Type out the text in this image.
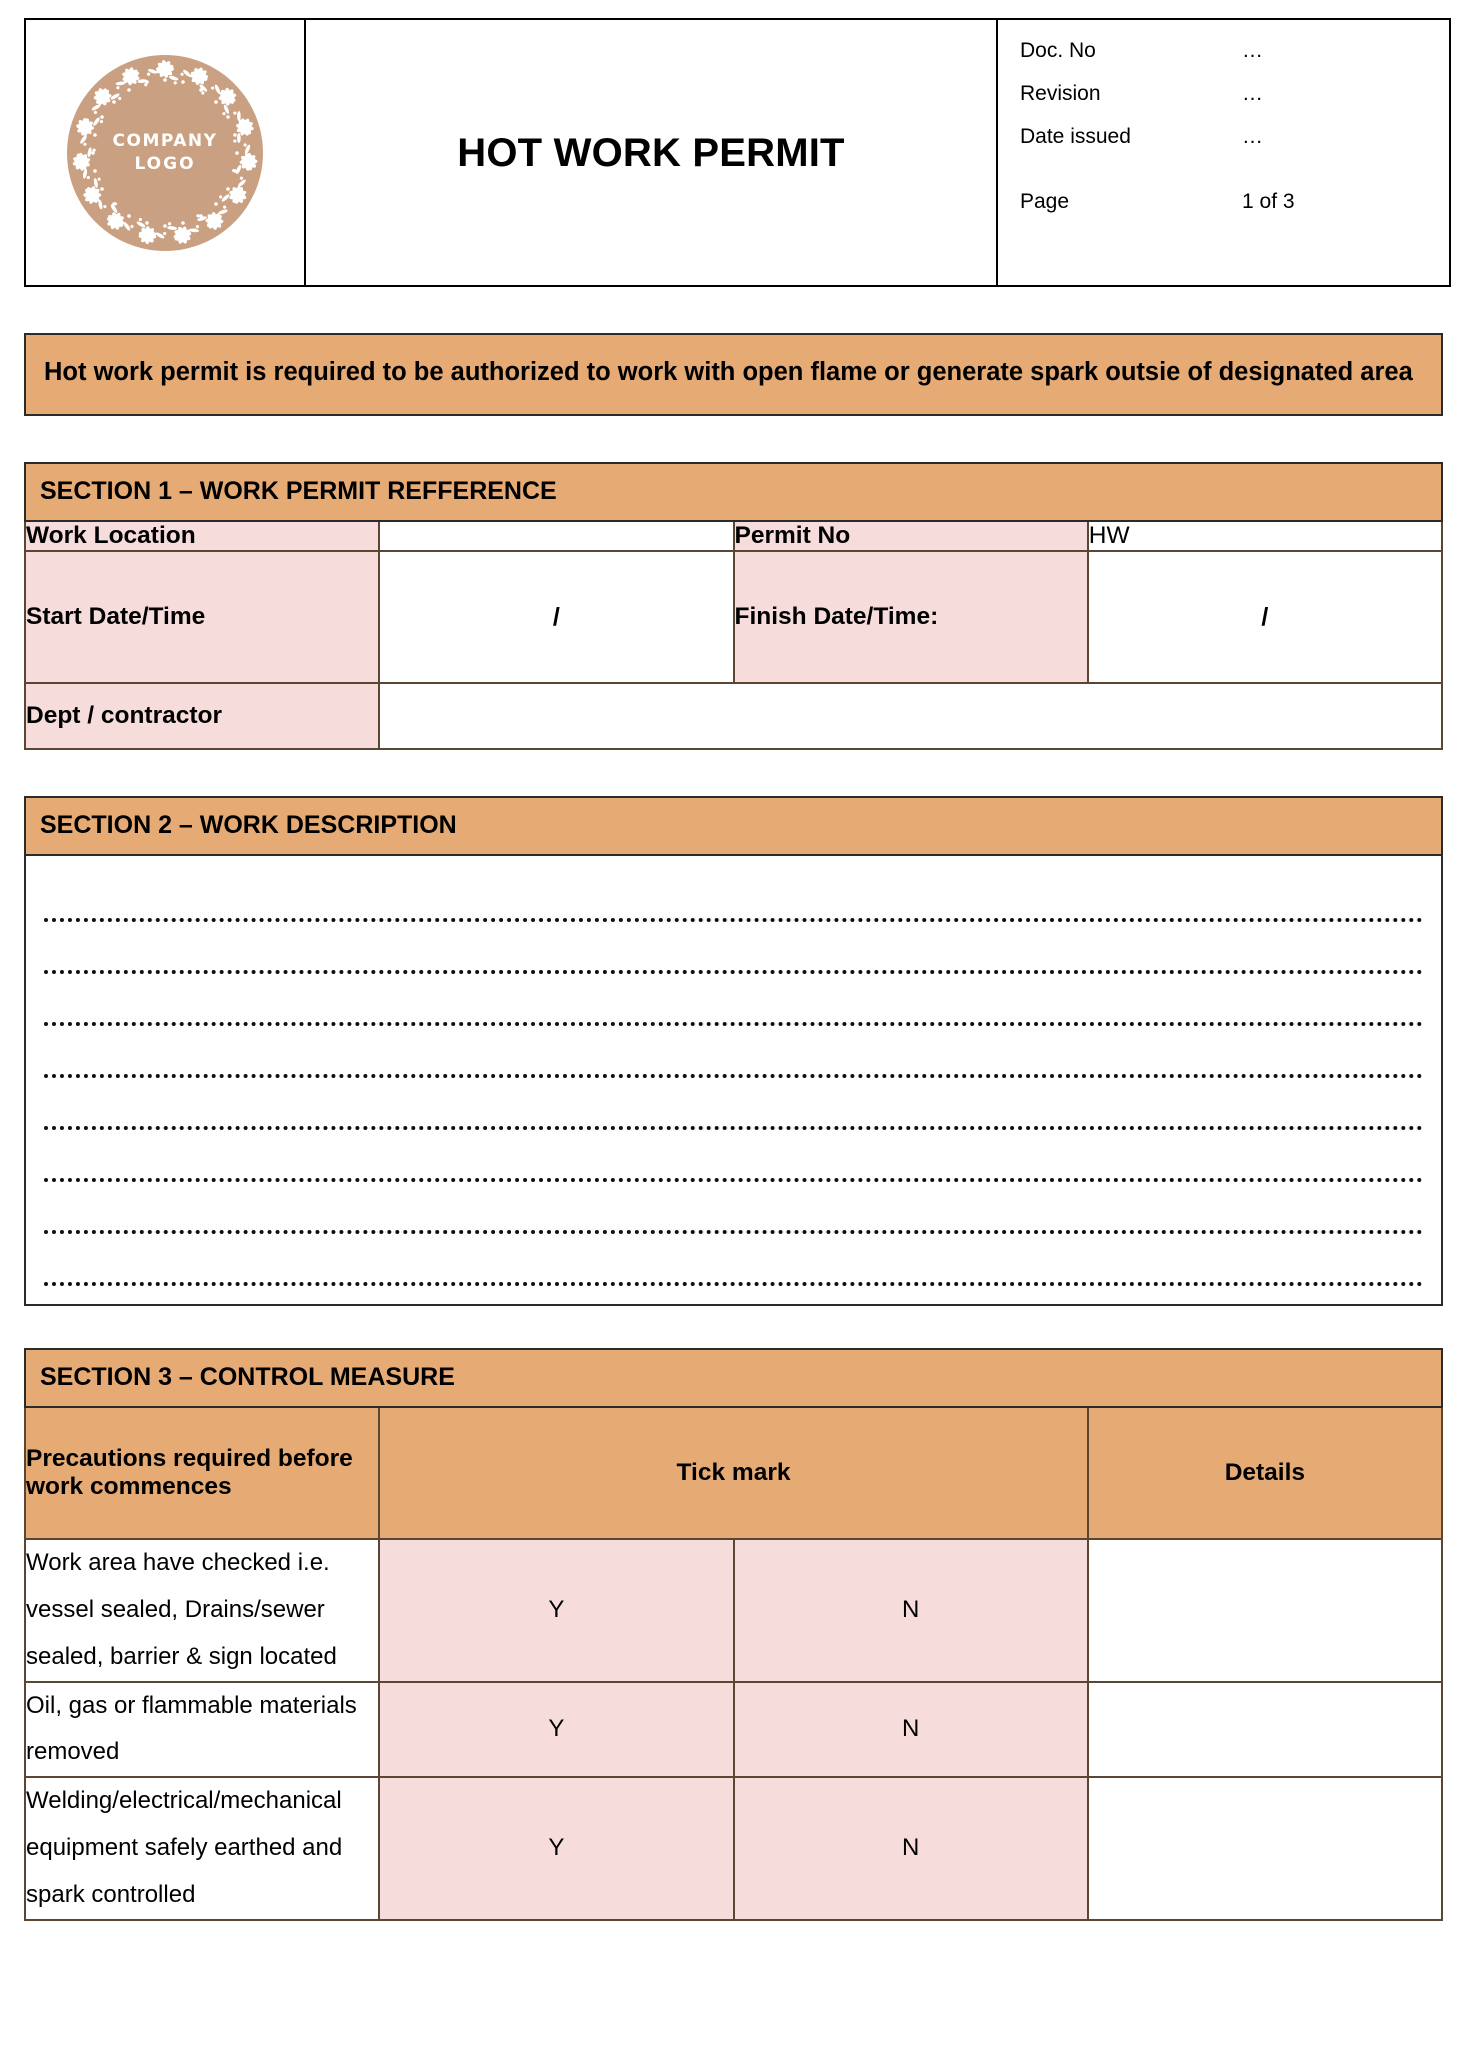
COMPANY
LOGO	HOT WORK PERMIT

Doc. No	…
Revision	…
Date issued	…
Page	1 of 3
Hot work permit is required to be authorized to work with open flame or generate spark outsie of designated area
SECTION 1 – WORK PERMIT REFFERENCE			
Work Location		Permit No	HW
Start Date/Time	/	Finish Date/Time:	/
Dept / contractor			
SECTION 2 – WORK DESCRIPTION
SECTION 3 – CONTROL MEASURE			
Precautions required before work commences	Tick mark		Details
Work area have checked i.e. vessel sealed, Drains/sewer sealed, barrier & sign located	Y	N	
Oil, gas or flammable materials removed	Y	N	
Welding/electrical/mechanical equipment safely earthed and spark controlled	Y	N	
